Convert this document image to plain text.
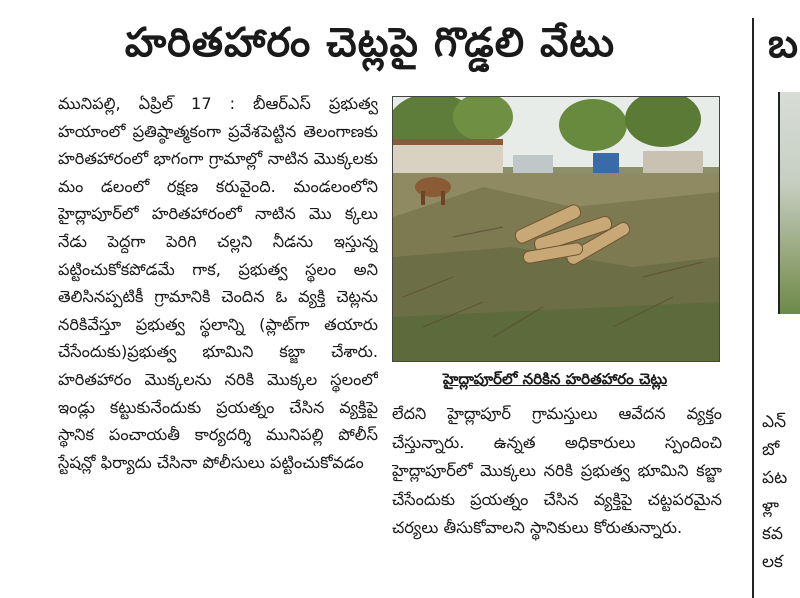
హరితహారం చెట్లపై గొడ్డలి వేటు

మునిపల్లి, ఏప్రిల్ 17 : బీఆర్ఎస్ ప్రభుత్వ హయాంలో ప్రతిష్ఠాత్మకంగా ప్రవేశపెట్టిన తెలంగాణకు హరితహారంలో భాగంగా గ్రామాల్లో నాటిన మొక్కలకు మం డలంలో రక్షణ కరువైంది. మండలంలోని హైద్లాపూర్‌లో హరితహారంలో నాటిన మొ క్కలు నేడు పెద్దగా పెరిగి చల్లని నీడను ఇస్తున్న పట్టించుకోకపోడమే గాక, ప్రభుత్వ స్థలం అని తెలిసినప్పటికీ గ్రామానికి చెందిన ఓ వ్యక్తి చెట్లను నరికివేస్తూ ప్రభుత్వ స్థలాన్ని (ప్లాట్‌గా తయారు చేసేందుకు)ప్రభుత్వ భూమిని కబ్జా చేశారు. హరితహారం మొక్కలను నరికి మొక్కల స్థలంలో ఇండ్లు కట్టుకునేందుకు ప్రయత్నం చేసిన వ్యక్తిపై స్థానిక పంచాయతీ కార్యదర్శి మునిపల్లి పోలీస్ స్టేషన్లో ఫిర్యాదు చేసినా పోలీసులు పట్టించుకోవడం

హైద్లాపూర్‌లో నరికిన హరితహారం చెట్లు

లేదని హైద్లాపూర్ గ్రామస్తులు ఆవేదన వ్యక్తం చేస్తున్నారు. ఉన్నత అధికారులు స్పందించి హైద్లాపూర్‌లో మొక్కలు నరికి ప్రభుత్వ భూమిని కబ్జా చేసేందుకు ప్రయత్నం చేసిన వ్యక్తిపై చట్టపరమైన చర్యలు తీసుకోవాలని స్థానికులు కోరుతున్నారు.

బ
ఎన్
బో
పట
ళ్లా
కవ
లక
